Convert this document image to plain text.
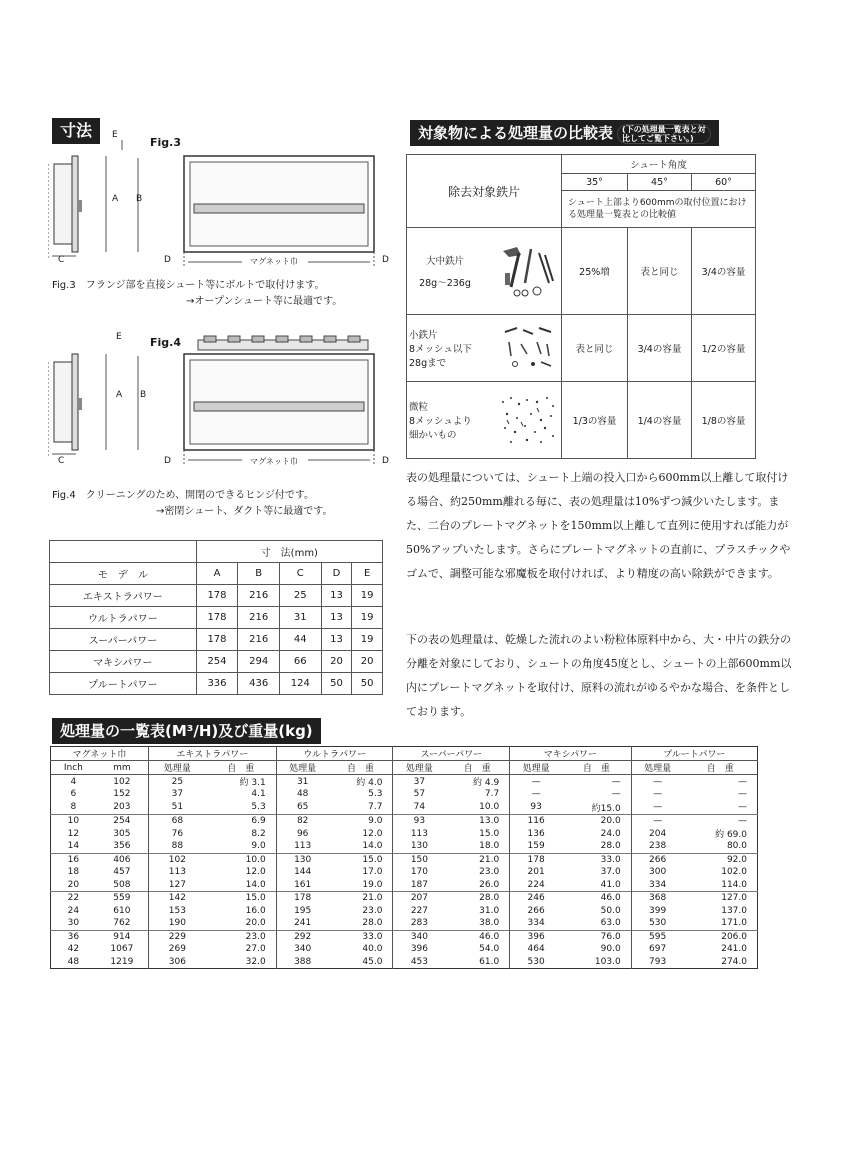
寸法
Fig.3
E
A B
C	D	D
マグネット巾
Fig.3　フランジ部を直接シュート等にボルトで取付けます。
→オープンシュート等に最適です。
Fig.4
E
A B
C	D	D
マグネット巾
Fig.4　クリーニングのため、開閉のできるヒンジ付です。
→密閉シュート、ダクト等に最適です。
	寸　法(mm)				
モ　デ　ル	A	B	C	D	E
エキストラパワー	178	216	25	13	19
ウルトラパワー	178	216	31	13	19
スーパーパワー	178	216	44	13	19
マキシパワー	254	294	66	20	20
プルートパワー	336	436	124	50	50
対象物による処理量の比較表 (下の処理量一覧表と対比してご覧下さい。)
除去対象鉄片	シュート角度		
	35°	45°	60°
	シュート上部より600mmの取付位置における処理量一覧表との比較値		

大中鉄片
28g〜236g	25%増	表と同じ	3/4の容量

小鉄片
8メッシュ以下28gまで	表と同じ	3/4の容量	1/2の容量

微粒
8メッシュより細かいもの	1/3の容量	1/4の容量	1/8の容量
表の処理量については、シュート上端の投入口から600mm以上離して取付ける場合、約250mm離れる毎に、表の処理量は10%ずつ減少いたします。また、二台のプレートマグネットを150mm以上離して直列に使用すれば能力が50%アップいたします。さらにプレートマグネットの直前に、プラスチックやゴムで、調整可能な邪魔板を取付ければ、より精度の高い除鉄ができます。
下の表の処理量は、乾燥した流れのよい粉粒体原料中から、大・中片の鉄分の分離を対象にしており、シュートの角度45度とし、シュートの上部600mm以内にプレートマグネットを取付け、原料の流れがゆるやかな場合、を条件としております。
処理量の一覧表(M³/H)及び重量(kg)
マグネット巾		エキストラパワー		ウルトラパワー		スーパーパワー		マキシパワー		プルートパワー	
Inch	mm	処理量	自　重	処理量	自　重	処理量	自　重	処理量	自　重	処理量	自　重
4	102	25	約 3.1	31	約 4.0	37	約 4.9	—	—	—	—
6	152	37	4.1	48	5.3	57	7.7	—	—	—	—
8	203	51	5.3	65	7.7	74	10.0	93	約15.0	—	—
10	254	68	6.9	82	9.0	93	13.0	116	20.0	—	—
12	305	76	8.2	96	12.0	113	15.0	136	24.0	204	約 69.0
14	356	88	9.0	113	14.0	130	18.0	159	28.0	238	80.0
16	406	102	10.0	130	15.0	150	21.0	178	33.0	266	92.0
18	457	113	12.0	144	17.0	170	23.0	201	37.0	300	102.0
20	508	127	14.0	161	19.0	187	26.0	224	41.0	334	114.0
22	559	142	15.0	178	21.0	207	28.0	246	46.0	368	127.0
24	610	153	16.0	195	23.0	227	31.0	266	50.0	399	137.0
30	762	190	20.0	241	28.0	283	38.0	334	63.0	530	171.0
36	914	229	23.0	292	33.0	340	46.0	396	76.0	595	206.0
42	1067	269	27.0	340	40.0	396	54.0	464	90.0	697	241.0
48	1219	306	32.0	388	45.0	453	61.0	530	103.0	793	274.0
